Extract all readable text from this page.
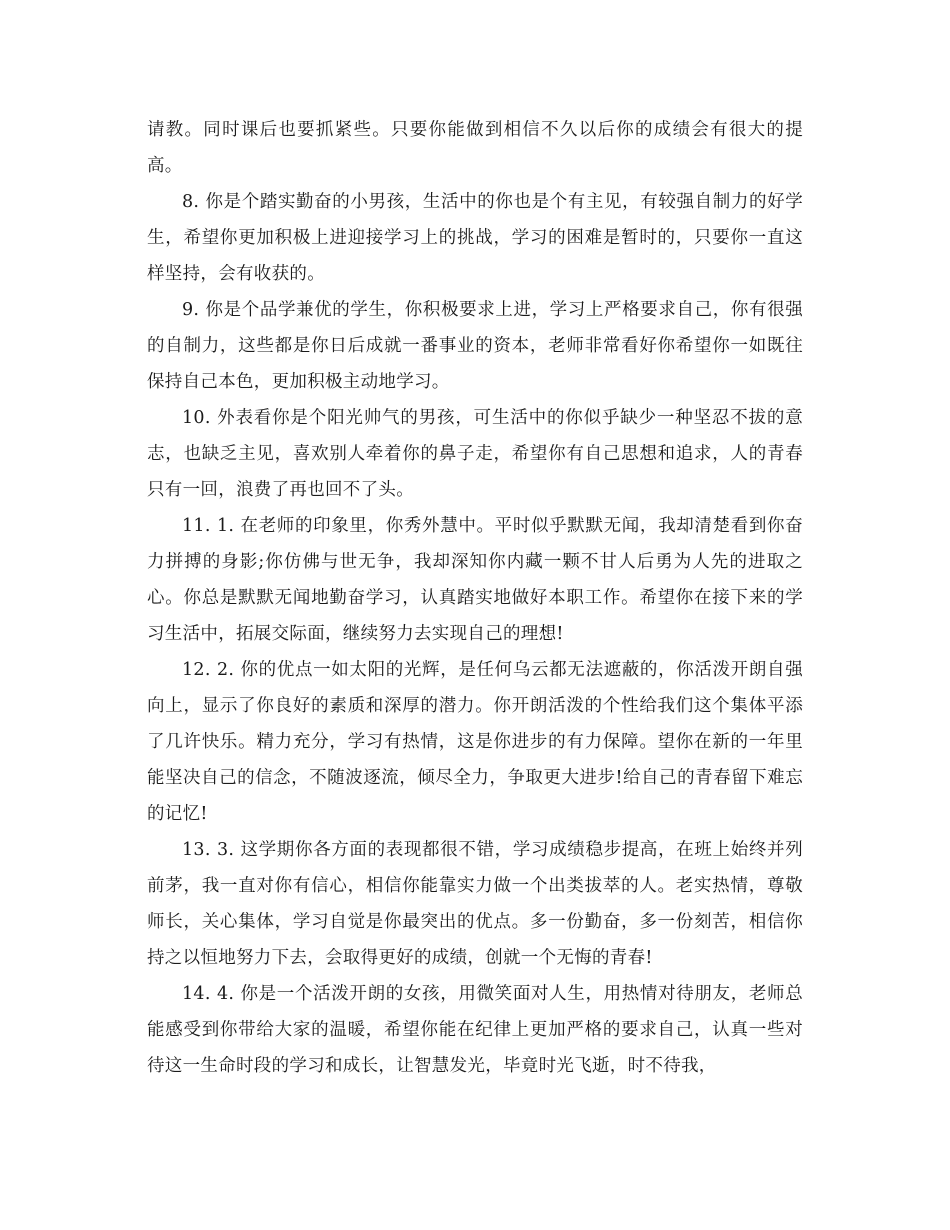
请教。同时课后也要抓紧些。只要你能做到相信不久以后你的成绩会有很大的提高。

8. 你是个踏实勤奋的小男孩，生活中的你也是个有主见，有较强自制力的好学生，希望你更加积极上进迎接学习上的挑战，学习的困难是暂时的，只要你一直这样坚持，会有收获的。

9. 你是个品学兼优的学生，你积极要求上进，学习上严格要求自己，你有很强的自制力，这些都是你日后成就一番事业的资本，老师非常看好你希望你一如既往保持自己本色，更加积极主动地学习。

10. 外表看你是个阳光帅气的男孩，可生活中的你似乎缺少一种坚忍不拔的意志，也缺乏主见，喜欢别人牵着你的鼻子走，希望你有自己思想和追求，人的青春只有一回，浪费了再也回不了头。

11. 1. 在老师的印象里，你秀外慧中。平时似乎默默无闻，我却清楚看到你奋力拼搏的身影;你仿佛与世无争，我却深知你内藏一颗不甘人后勇为人先的进取之心。你总是默默无闻地勤奋学习，认真踏实地做好本职工作。希望你在接下来的学习生活中，拓展交际面，继续努力去实现自己的理想!

12. 2. 你的优点一如太阳的光辉，是任何乌云都无法遮蔽的，你活泼开朗自强向上，显示了你良好的素质和深厚的潜力。你开朗活泼的个性给我们这个集体平添了几许快乐。精力充分，学习有热情，这是你进步的有力保障。望你在新的一年里能坚决自己的信念，不随波逐流，倾尽全力，争取更大进步!给自己的青春留下难忘的记忆!

13. 3. 这学期你各方面的表现都很不错，学习成绩稳步提高，在班上始终并列前茅，我一直对你有信心，相信你能靠实力做一个出类拔萃的人。老实热情，尊敬师长，关心集体，学习自觉是你最突出的优点。多一份勤奋，多一份刻苦，相信你持之以恒地努力下去，会取得更好的成绩，创就一个无悔的青春!

14. 4. 你是一个活泼开朗的女孩，用微笑面对人生，用热情对待朋友，老师总能感受到你带给大家的温暖，希望你能在纪律上更加严格的要求自己，认真一些对待这一生命时段的学习和成长，让智慧发光，毕竟时光飞逝，时不待我，
